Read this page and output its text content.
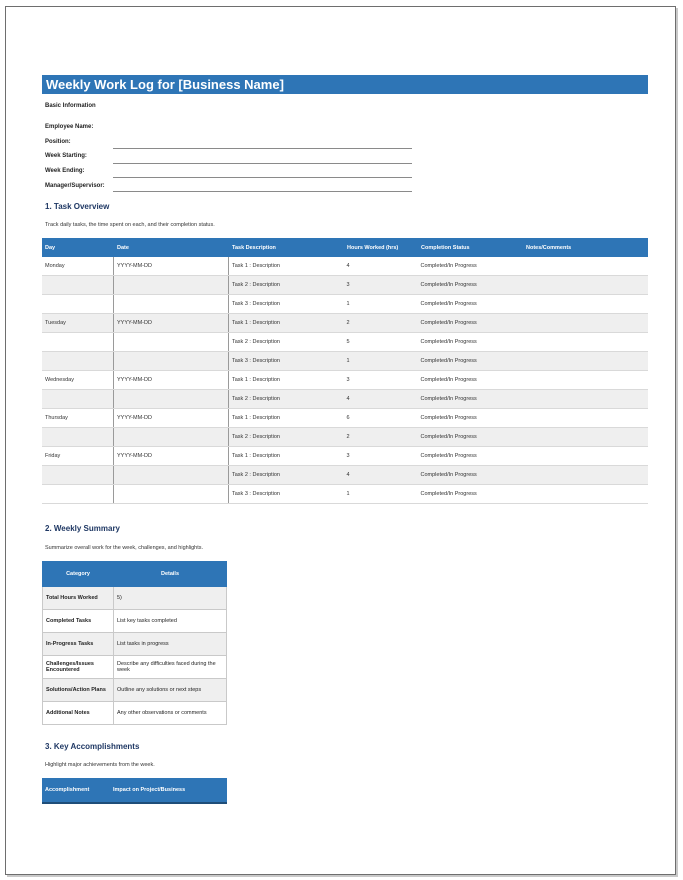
Weekly Work Log for [Business Name]
Basic Information
Employee Name:
Position:
Week Starting:
Week Ending:
Manager/Supervisor:
1. Task Overview
Track daily tasks, the time spent on each, and their completion status.
Day	Date	Task Description	Hours Worked (hrs)	Completion Status	Notes/Comments
Monday	YYYY-MM-DD	Task 1 : Description	4	Completed/In Progress	
		Task 2 : Description	3	Completed/In Progress	
		Task 3 : Description	1	Completed/In Progress	
Tuesday	YYYY-MM-DD	Task 1 : Description	2	Completed/In Progress	
		Task 2 : Description	5	Completed/In Progress	
		Task 3 : Description	1	Completed/In Progress	
Wednesday	YYYY-MM-DD	Task 1 : Description	3	Completed/In Progress	
		Task 2 : Description	4	Completed/In Progress	
Thursday	YYYY-MM-DD	Task 1 : Description	6	Completed/In Progress	
		Task 2 : Description	2	Completed/In Progress	
Friday	YYYY-MM-DD	Task 1 : Description	3	Completed/In Progress	
		Task 2 : Description	4	Completed/In Progress	
		Task 3 : Description	1	Completed/In Progress	
2. Weekly Summary
Summarize overall work for the week, challenges, and highlights.
Category	Details
Total Hours Worked	5)
Completed Tasks	List key tasks completed
In-Progress Tasks	List tasks in progress
Challenges/Issues Encountered	Describe any difficulties faced during the week
Solutions/Action Plans	Outline any solutions or next steps
Additional Notes	Any other observations or comments
3. Key Accomplishments
Highlight major achievements from the week.
Accomplishment	Impact on Project/Business
